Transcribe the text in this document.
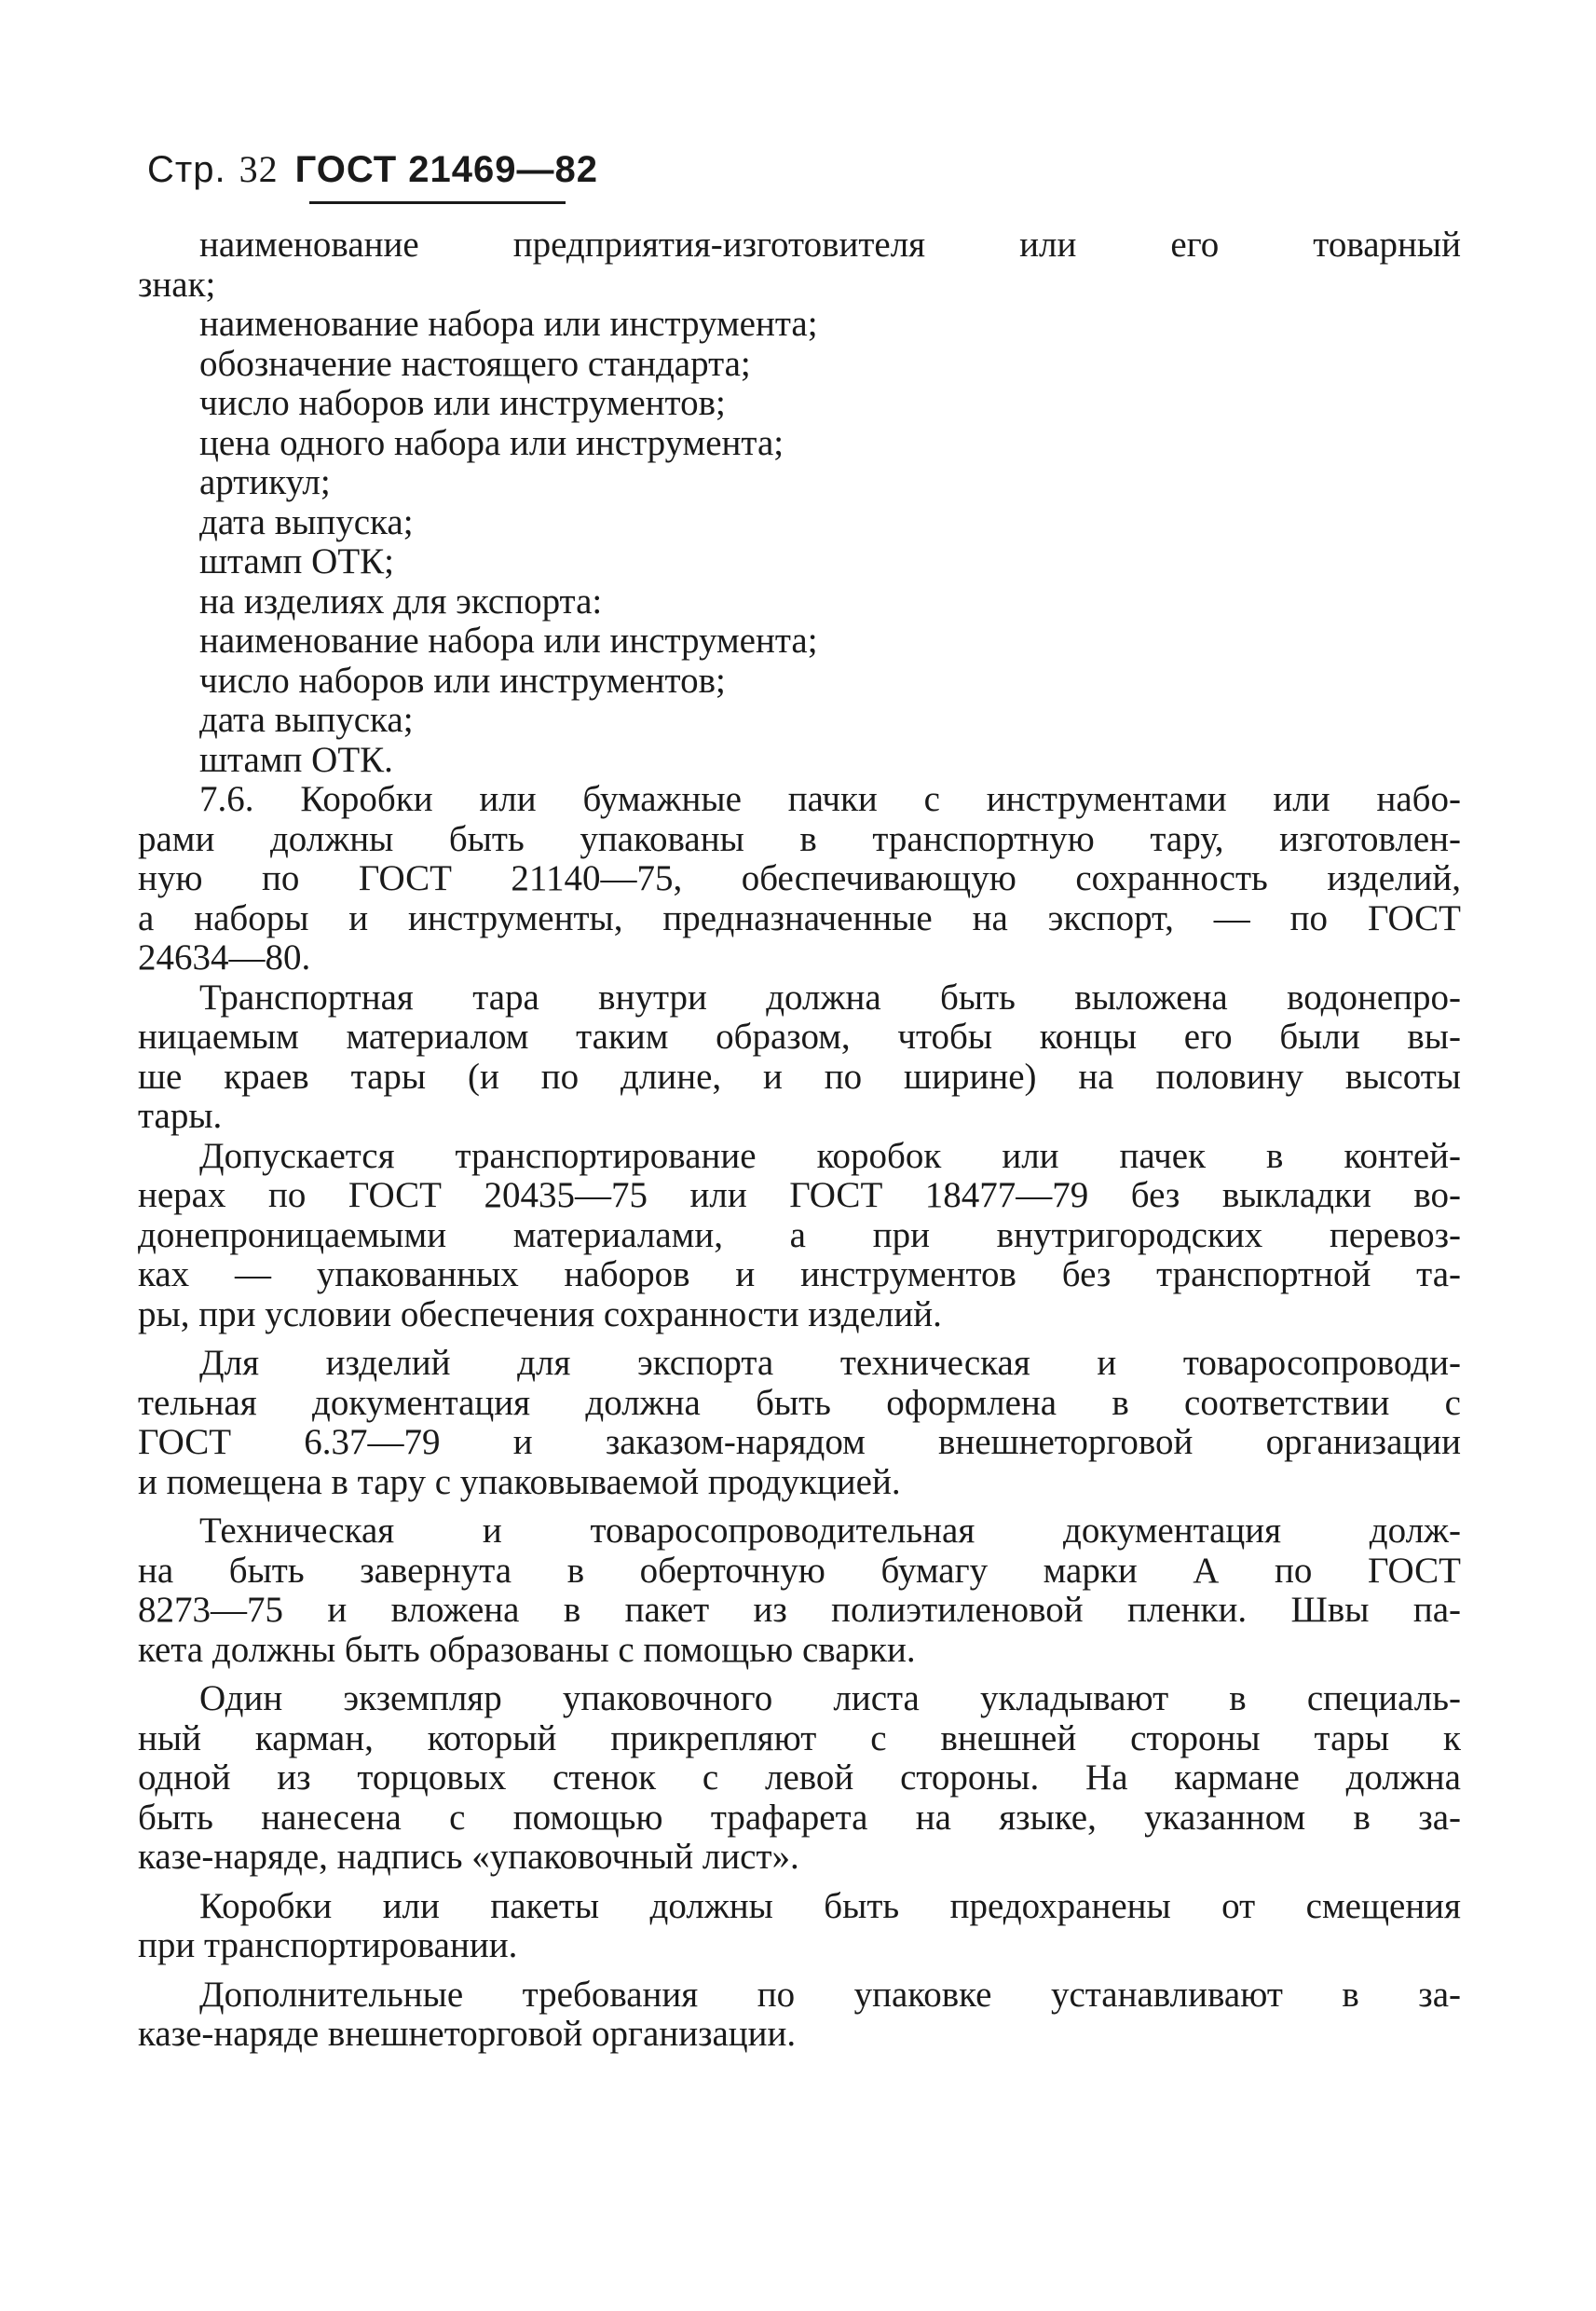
Стр. 32 ГОСТ 21469—82

наименование предприятия-изготовителя или его товарный

знак;

наименование набора или инструмента;

обозначение настоящего стандарта;

число наборов или инструментов;

цена одного набора или инструмента;

артикул;

дата выпуска;

штамп ОТК;

на изделиях для экспорта:

наименование набора или инструмента;

число наборов или инструментов;

дата выпуска;

штамп ОТК.

7.6. Коробки или бумажные пачки с инструментами или набо-

рами должны быть упакованы в транспортную тару, изготовлен-

ную по ГОСТ 21140—75, обеспечивающую сохранность изделий,

а наборы и инструменты, предназначенные на экспорт, — по ГОСТ

24634—80.

Транспортная тара внутри должна быть выложена водонепро-

ницаемым материалом таким образом, чтобы концы его были вы-

ше краев тары (и по длине, и по ширине) на половину высоты

тары.

Допускается транспортирование коробок или пачек в контей-

нерах по ГОСТ 20435—75 или ГОСТ 18477—79 без выкладки во-

донепроницаемыми материалами, а при внутригородских перевоз-

ках — упакованных наборов и инструментов без транспортной та-

ры, при условии обеспечения сохранности изделий.

Для изделий для экспорта техническая и товаросопроводи-

тельная документация должна быть оформлена в соответствии с

ГОСТ 6.37—79 и заказом-нарядом внешнеторговой организации

и помещена в тару с упаковываемой продукцией.

Техническая и товаросопроводительная документация долж-

на быть завернута в оберточную бумагу марки А по ГОСТ

8273—75 и вложена в пакет из полиэтиленовой пленки. Швы па-

кета должны быть образованы с помощью сварки.

Один экземпляр упаковочного листа укладывают в специаль-

ный карман, который прикрепляют с внешней стороны тары к

одной из торцовых стенок с левой стороны. На кармане должна

быть нанесена с помощью трафарета на языке, указанном в за-

казе-наряде, надпись «упаковочный лист».

Коробки или пакеты должны быть предохранены от смещения

при транспортировании.

Дополнительные требования по упаковке устанавливают в за-

казе-наряде внешнеторговой организации.
